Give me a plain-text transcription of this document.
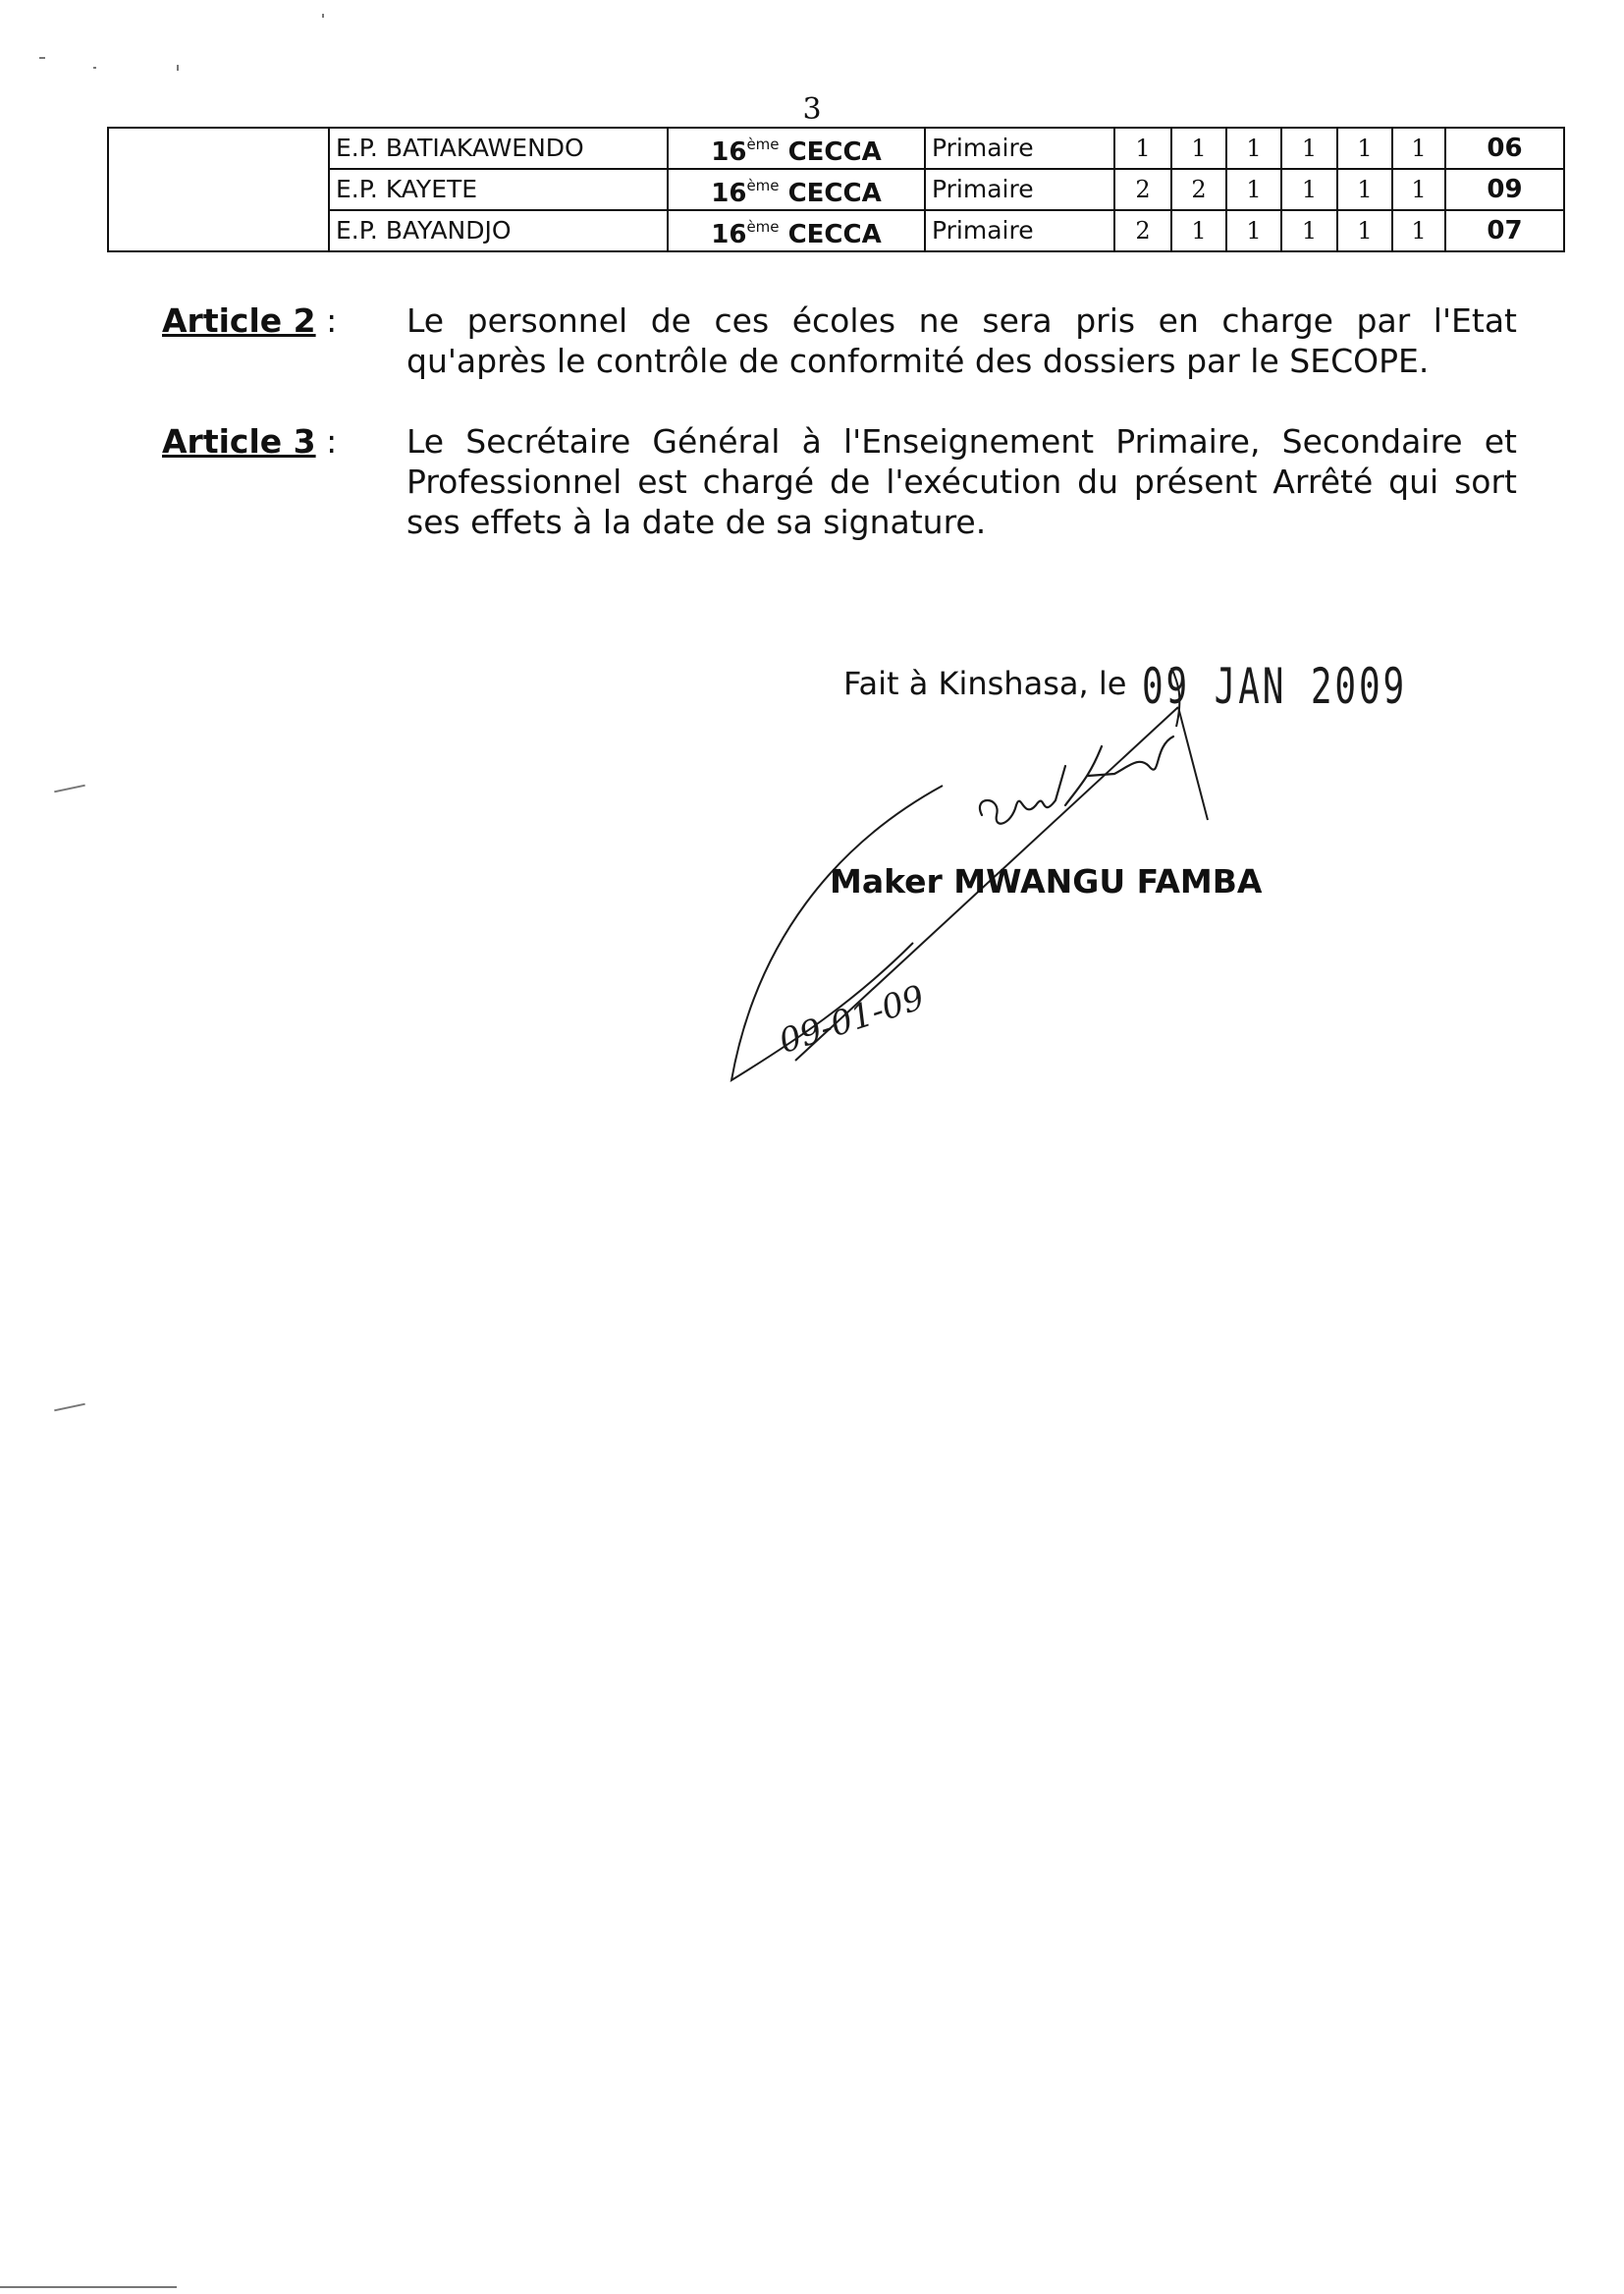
3
	E.P. BATIAKAWENDO	16ème CECCA	Primaire	1	1	1	1	1	1	06
	E.P. KAYETE	16ème CECCA	Primaire	2	2	1	1	1	1	09
	E.P. BAYANDJO	16ème CECCA	Primaire	2	1	1	1	1	1	07
Article 2 :	Le personnel de ces écoles ne sera pris en charge par l'Etat qu'après le contrôle de conformité des dossiers par le SECOPE.
Article 3 :	Le Secrétaire Général à l'Enseignement Primaire, Secondaire et Professionnel est chargé de l'exécution du présent Arrêté qui sort ses effets à la date de sa signature.
Fait à Kinshasa, le 09 JAN 2009
09-01-09
Maker MWANGU FAMBA
